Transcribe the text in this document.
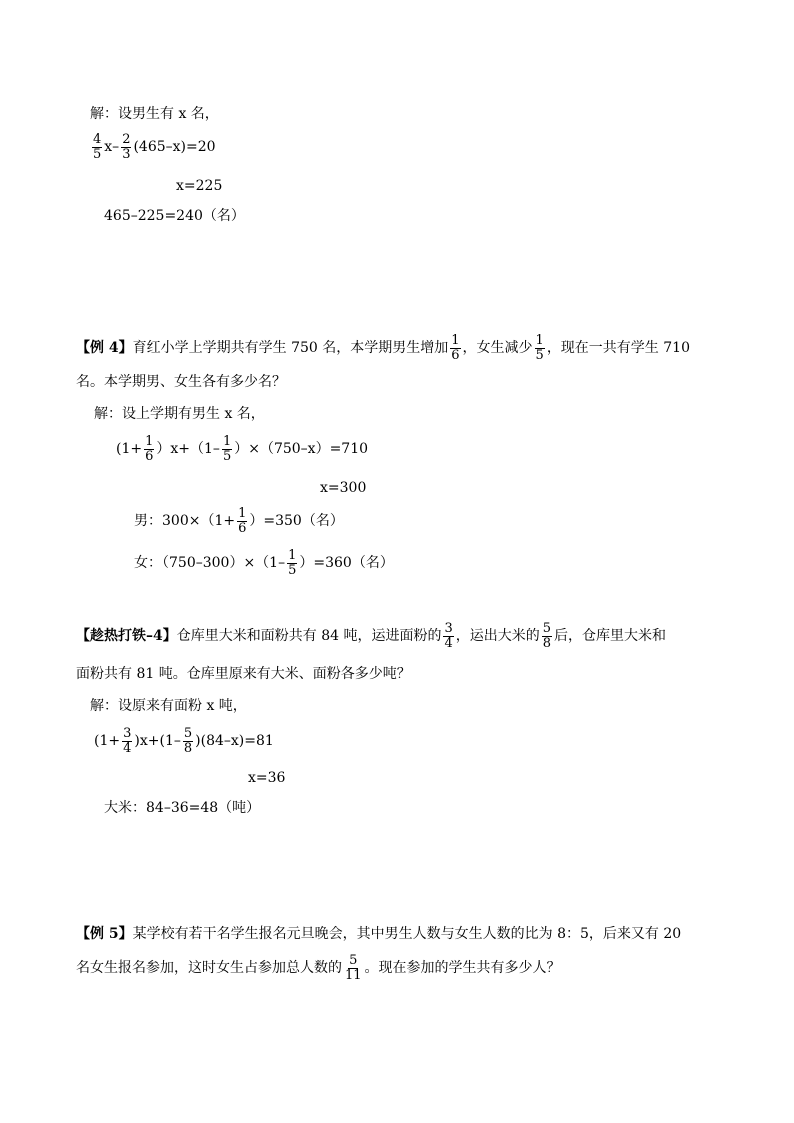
解：设男生有 x 名，
$\frac{4}{5} x- \frac{2}{3} (465-x)=20$
x=225
465–225=240（名）
【例 4】育红小学上学期共有学生 750 名，本学期男生增加 $\frac{1}{6}$ ，女生减少 $\frac{1}{5}$ ，现在一共有学生 710
名。本学期男、女生各有多少名？
解：设上学期有男生 x 名，
$(1+ \frac{1}{6} )x+(1- \frac{1}{5} )\times(750-x)=710$
x=300
男：$300\times(1+ \frac{1}{6} )=350$（名）
女：$(750-300)\times(1- \frac{1}{5} )=360$（名）
【趁热打铁–4】仓库里大米和面粉共有 84 吨，运进面粉的 $\frac{3}{4}$ ，运出大米的 $\frac{5}{8}$ 后，仓库里大米和
面粉共有 81 吨。仓库里原来有大米、面粉各多少吨？
解：设原来有面粉 x 吨，
$(1+ \frac{3}{4} )x+(1- \frac{5}{8} )(84-x)=81$
x=36
大米：84–36=48（吨）
【例 5】某学校有若干名学生报名元旦晚会，其中男生人数与女生人数的比为 8：5，后来又有 20
名女生报名参加，这时女生占参加总人数的 $\frac{5}{11}$ 。现在参加的学生共有多少人？
